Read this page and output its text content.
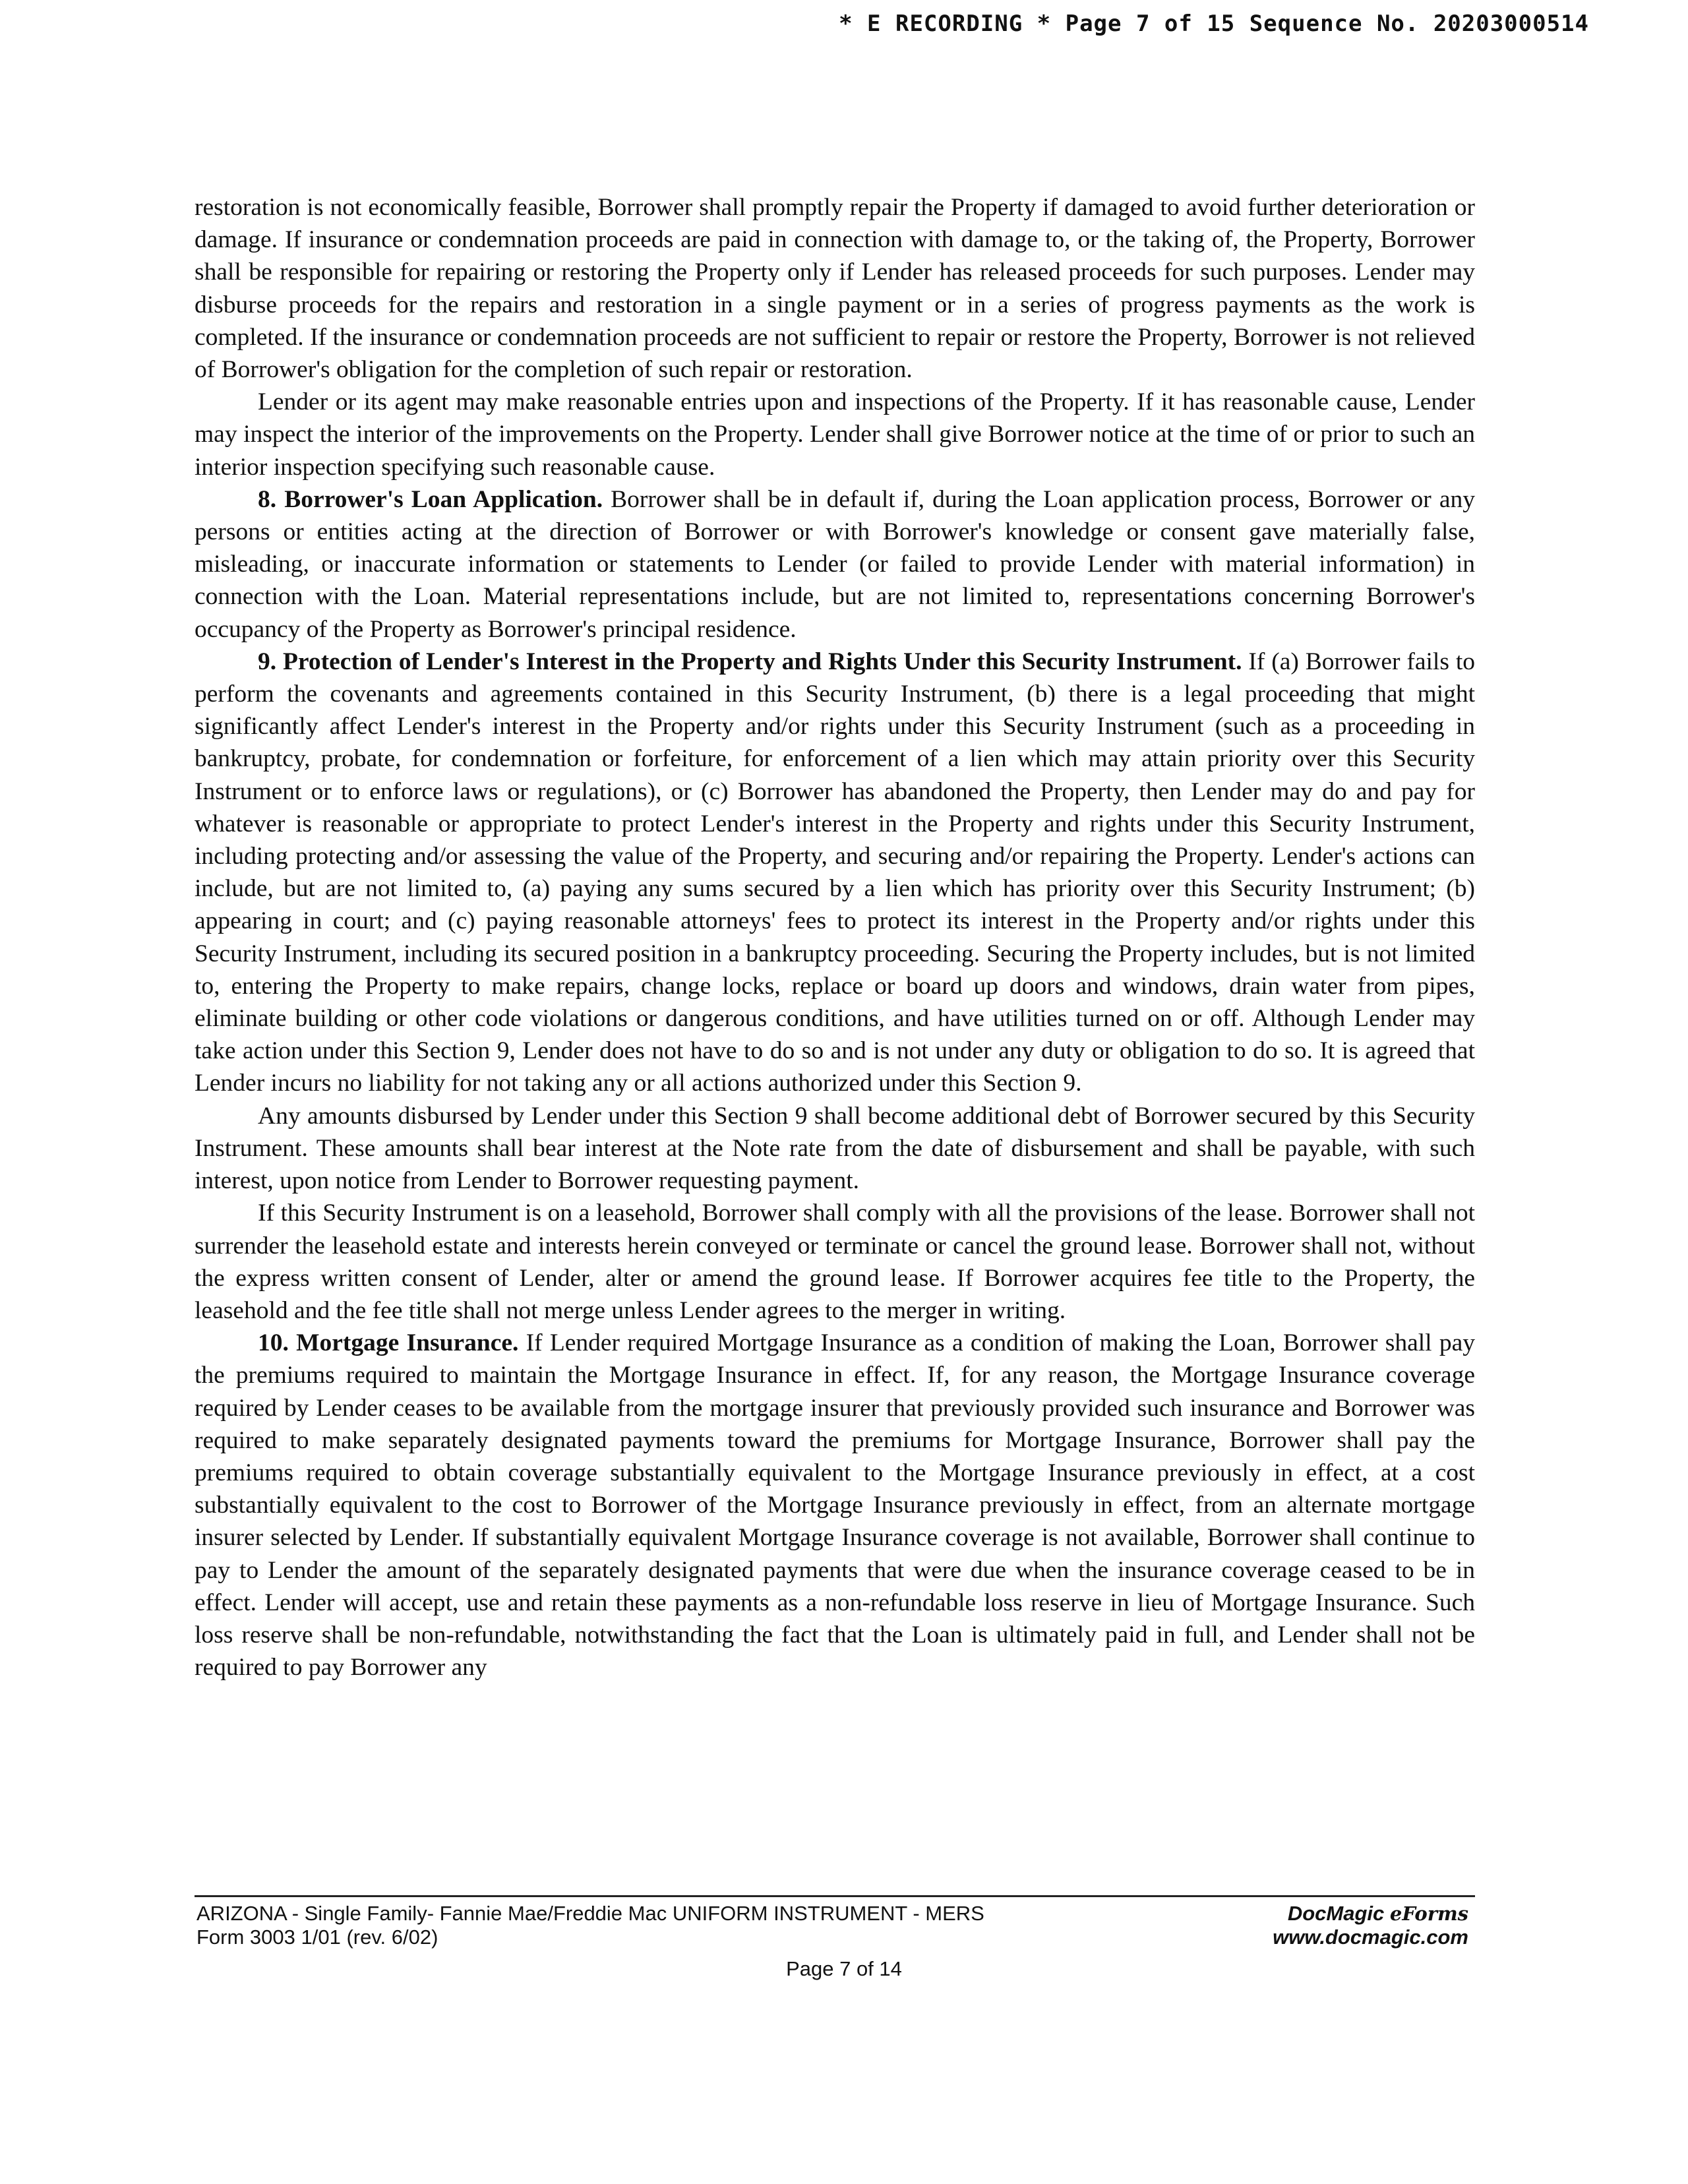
* E RECORDING * Page 7 of 15 Sequence No. 20203000514

restoration is not economically feasible, Borrower shall promptly repair the Property if damaged to avoid further deterioration or damage. If insurance or condemnation proceeds are paid in connection with damage to, or the taking of, the Property, Borrower shall be responsible for repairing or restoring the Property only if Lender has released proceeds for such purposes. Lender may disburse proceeds for the repairs and restoration in a single payment or in a series of progress payments as the work is completed. If the insurance or condemnation proceeds are not sufficient to repair or restore the Property, Borrower is not relieved of Borrower's obligation for the completion of such repair or restoration.

Lender or its agent may make reasonable entries upon and inspections of the Property. If it has reasonable cause, Lender may inspect the interior of the improvements on the Property. Lender shall give Borrower notice at the time of or prior to such an interior inspection specifying such reasonable cause.

8. Borrower's Loan Application. Borrower shall be in default if, during the Loan application process, Borrower or any persons or entities acting at the direction of Borrower or with Borrower's knowledge or consent gave materially false, misleading, or inaccurate information or statements to Lender (or failed to provide Lender with material information) in connection with the Loan. Material representations include, but are not limited to, representations concerning Borrower's occupancy of the Property as Borrower's principal residence.

9. Protection of Lender's Interest in the Property and Rights Under this Security Instrument. If (a) Borrower fails to perform the covenants and agreements contained in this Security Instrument, (b) there is a legal proceeding that might significantly affect Lender's interest in the Property and/or rights under this Security Instrument (such as a proceeding in bankruptcy, probate, for condemnation or forfeiture, for enforcement of a lien which may attain priority over this Security Instrument or to enforce laws or regulations), or (c) Borrower has abandoned the Property, then Lender may do and pay for whatever is reasonable or appropriate to protect Lender's interest in the Property and rights under this Security Instrument, including protecting and/or assessing the value of the Property, and securing and/or repairing the Property. Lender's actions can include, but are not limited to, (a) paying any sums secured by a lien which has priority over this Security Instrument; (b) appearing in court; and (c) paying reasonable attorneys' fees to protect its interest in the Property and/or rights under this Security Instrument, including its secured position in a bankruptcy proceeding. Securing the Property includes, but is not limited to, entering the Property to make repairs, change locks, replace or board up doors and windows, drain water from pipes, eliminate building or other code violations or dangerous conditions, and have utilities turned on or off. Although Lender may take action under this Section 9, Lender does not have to do so and is not under any duty or obligation to do so. It is agreed that Lender incurs no liability for not taking any or all actions authorized under this Section 9.

Any amounts disbursed by Lender under this Section 9 shall become additional debt of Borrower secured by this Security Instrument. These amounts shall bear interest at the Note rate from the date of disbursement and shall be payable, with such interest, upon notice from Lender to Borrower requesting payment.

If this Security Instrument is on a leasehold, Borrower shall comply with all the provisions of the lease. Borrower shall not surrender the leasehold estate and interests herein conveyed or terminate or cancel the ground lease. Borrower shall not, without the express written consent of Lender, alter or amend the ground lease. If Borrower acquires fee title to the Property, the leasehold and the fee title shall not merge unless Lender agrees to the merger in writing.

10. Mortgage Insurance. If Lender required Mortgage Insurance as a condition of making the Loan, Borrower shall pay the premiums required to maintain the Mortgage Insurance in effect. If, for any reason, the Mortgage Insurance coverage required by Lender ceases to be available from the mortgage insurer that previously provided such insurance and Borrower was required to make separately designated payments toward the premiums for Mortgage Insurance, Borrower shall pay the premiums required to obtain coverage substantially equivalent to the Mortgage Insurance previously in effect, at a cost substantially equivalent to the cost to Borrower of the Mortgage Insurance previously in effect, from an alternate mortgage insurer selected by Lender. If substantially equivalent Mortgage Insurance coverage is not available, Borrower shall continue to pay to Lender the amount of the separately designated payments that were due when the insurance coverage ceased to be in effect. Lender will accept, use and retain these payments as a non-refundable loss reserve in lieu of Mortgage Insurance. Such loss reserve shall be non-refundable, notwithstanding the fact that the Loan is ultimately paid in full, and Lender shall not be required to pay Borrower any

ARIZONA - Single Family- Fannie Mae/Freddie Mac UNIFORM INSTRUMENT - MERS
Form 3003 1/01 (rev. 6/02)
DocMagic eForms
www.docmagic.com
Page 7 of 14
